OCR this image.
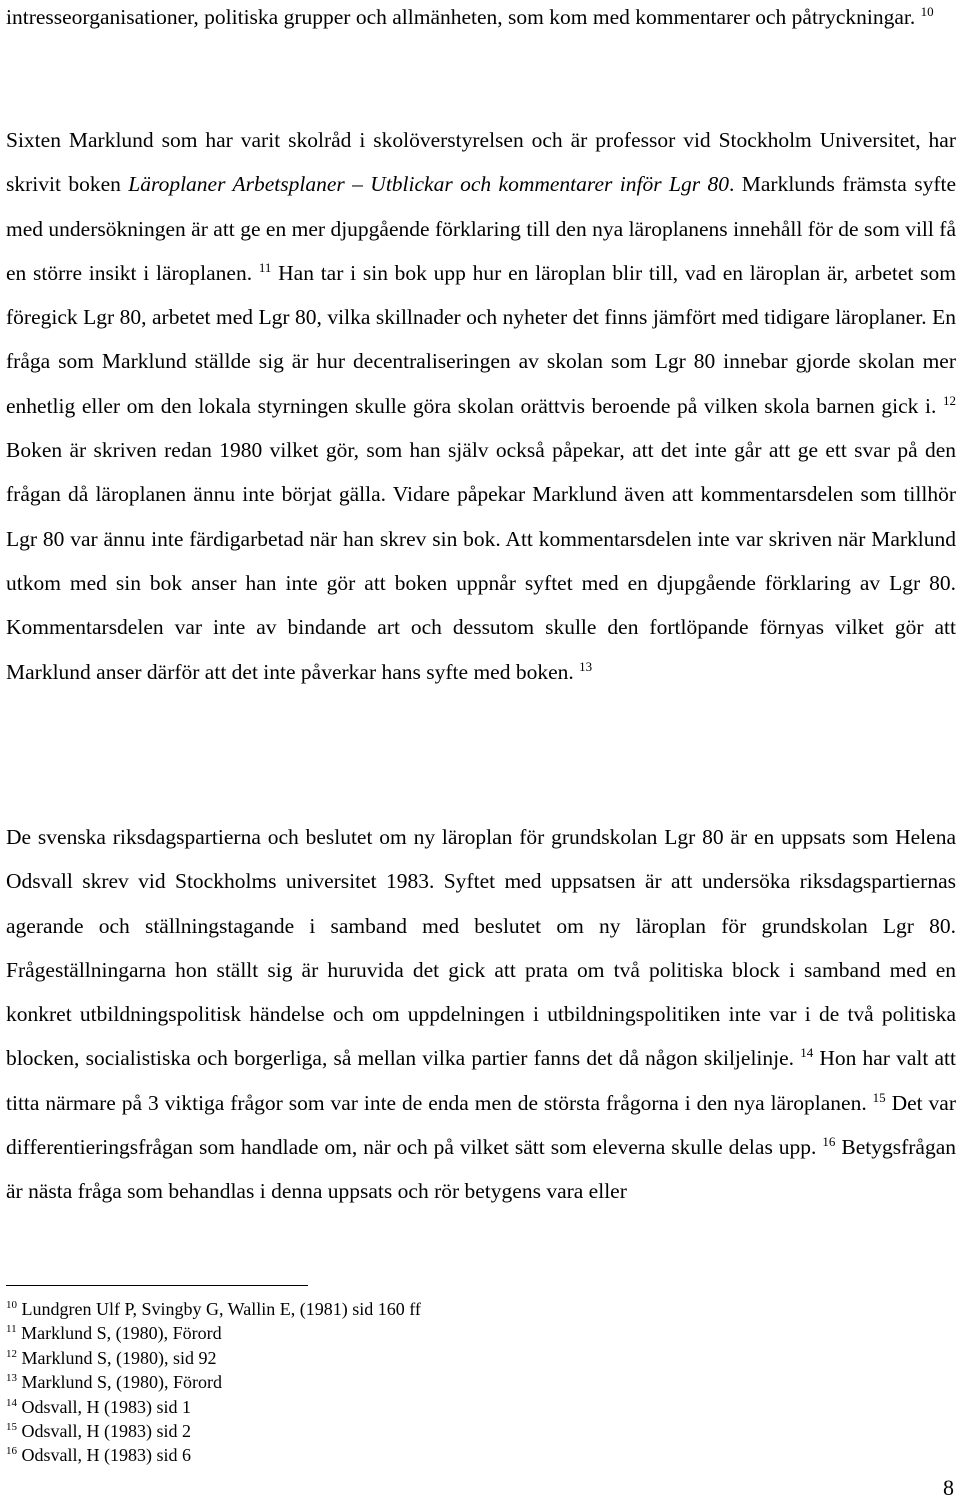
intresseorganisationer, politiska grupper och allmänheten, som kom med kommentarer och påtryckningar. $^{10}$

Sixten Marklund som har varit skolråd i skolöverstyrelsen och är professor vid Stockholm Universitet, har skrivit boken Läroplaner Arbetsplaner – Utblickar och kommentarer inför Lgr 80. Marklunds främsta syfte med undersökningen är att ge en mer djupgående förklaring till den nya läroplanens innehåll för de som vill få en större insikt i läroplanen. $^{11}$ Han tar i sin bok upp hur en läroplan blir till, vad en läroplan är, arbetet som föregick Lgr 80, arbetet med Lgr 80, vilka skillnader och nyheter det finns jämfört med tidigare läroplaner. En fråga som Marklund ställde sig är hur decentraliseringen av skolan som Lgr 80 innebar gjorde skolan mer enhetlig eller om den lokala styrningen skulle göra skolan orättvis beroende på vilken skola barnen gick i. $^{12}$ Boken är skriven redan 1980 vilket gör, som han själv också påpekar, att det inte går att ge ett svar på den frågan då läroplanen ännu inte börjat gälla. Vidare påpekar Marklund även att kommentarsdelen som tillhör Lgr 80 var ännu inte färdigarbetad när han skrev sin bok. Att kommentarsdelen inte var skriven när Marklund utkom med sin bok anser han inte gör att boken uppnår syftet med en djupgående förklaring av Lgr 80. Kommentarsdelen var inte av bindande art och dessutom skulle den fortlöpande förnyas vilket gör att Marklund anser därför att det inte påverkar hans syfte med boken. $^{13}$

De svenska riksdagspartierna och beslutet om ny läroplan för grundskolan Lgr 80 är en uppsats som Helena Odsvall skrev vid Stockholms universitet 1983. Syftet med uppsatsen är att undersöka riksdagspartiernas agerande och ställningstagande i samband med beslutet om ny läroplan för grundskolan Lgr 80. Frågeställningarna hon ställt sig är huruvida det gick att prata om två politiska block i samband med en konkret utbildningspolitisk händelse och om uppdelningen i utbildningspolitiken inte var i de två politiska blocken, socialistiska och borgerliga, så mellan vilka partier fanns det då någon skiljelinje. $^{14}$ Hon har valt att titta närmare på 3 viktiga frågor som var inte de enda men de största frågorna i den nya läroplanen. $^{15}$ Det var differentieringsfrågan som handlade om, när och på vilket sätt som eleverna skulle delas upp. $^{16}$ Betygsfrågan är nästa fråga som behandlas i denna uppsats och rör betygens vara eller

$^{10}$ Lundgren Ulf P, Svingby G, Wallin E, (1981) sid 160 ff

$^{11}$ Marklund S, (1980), Förord

$^{12}$ Marklund S, (1980), sid 92

$^{13}$ Marklund S, (1980), Förord

$^{14}$ Odsvall, H (1983) sid 1

$^{15}$ Odsvall, H (1983) sid 2

$^{16}$ Odsvall, H (1983) sid 6

8
